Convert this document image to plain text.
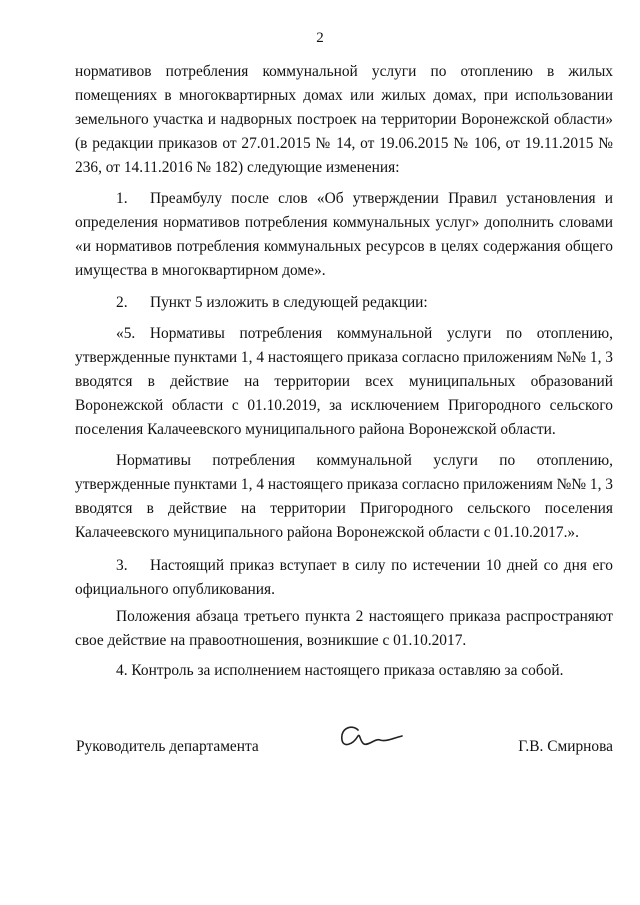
2
нормативов потребления коммунальной услуги по отоплению в жилых
помещениях в многоквартирных домах или жилых домах, при использовании
земельного участка и надворных построек на территории Воронежской области»
(в редакции приказов от 27.01.2015 № 14, от 19.06.2015 № 106, от 19.11.2015 №
236, от 14.11.2016 № 182) следующие изменения:
1. Преамбулу после слов «Об утверждении Правил установления и
определения нормативов потребления коммунальных услуг» дополнить словами
«и нормативов потребления коммунальных ресурсов в целях содержания общего
имущества в многоквартирном доме».
2. Пункт 5 изложить в следующей редакции:
«5. Нормативы потребления коммунальной услуги по отоплению,
утвержденные пунктами 1, 4 настоящего приказа согласно приложениям №№ 1, 3
вводятся в действие на территории всех муниципальных образований
Воронежской области с 01.10.2019, за исключением Пригородного сельского
поселения Калачеевского муниципального района Воронежской области.
Нормативы потребления коммунальной услуги по отоплению,
утвержденные пунктами 1, 4 настоящего приказа согласно приложениям №№ 1, 3
вводятся в действие на территории Пригородного сельского поселения
Калачеевского муниципального района Воронежской области с 01.10.2017.».
3. Настоящий приказ вступает в силу по истечении 10 дней со дня его
официального опубликования.
Положения абзаца третьего пункта 2 настоящего приказа распространяют
свое действие на правоотношения, возникшие с 01.10.2017.
4. Контроль за исполнением настоящего приказа оставляю за собой.
Руководитель департамента	Г.В. Смирнова
